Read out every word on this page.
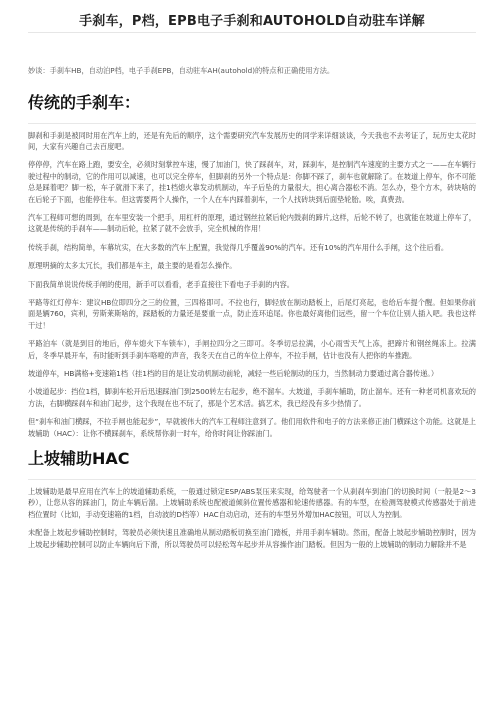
手刹车，P档，EPB电子手刹和AUTOHOLD自动驻车详解

妙谈：手刹车HB，自动泊P档，电子手刹EPB，自动驻车AH(autohold)的特点和正确使用方法。

传统的手刹车：

脚刹和手刹是被同时用在汽车上的，还是有先后的顺序，这个需要研究汽车发展历史的同学来详细谈谈，今天我也不去考证了，玩历史太花时间，大家有兴趣自己去百度吧。

停停停，汽车在路上跑，要安全，必须时刻掌控车速，慢了加油门，快了踩刹车，对，踩刹车，是控制汽车速度的主要方式之一——在车辆行驶过程中的制动，它的作用可以减速，也可以完全停车，但脚刹的另外一个特点是：你脚不踩了，刹车也就解除了。在坡道上停车，你不可能总是踩着吧？脚一松，车子就滑下来了，挂1档熄火靠发动机制动，车子后坠的力量很大，担心离合器松不消。怎么办，垫个方木，砖块啥的在后轮子下面，也能停住车。但这需要两个人操作，一个人在车内踩着刹车，一个人找砖块到后面垫轮胎。唉，真费劲。

汽车工程师可想的周到，在车里安装一个把手，用杠杆的原理，通过钢丝拉紧后轮内鼓刹的蹄片,这样，后轮不转了，也就能在坡道上停车了，这就是传统的手刹车——制动后轮，拉紧了就不会放手，完全机械的作用！

传统手刹，结构简单，车幕坑实，在大多数的汽车上配置，我觉得几乎覆盖90%的汽车。还有10%的汽车用什么手闸，这个往后看。

原理明摘的太多太冗长，我们都是车主，最主要的是看怎么操作。

下面我简单说说传统手闸的使用，新手可以看看，老手直接往下看电子手刹的内容。

平路等红灯停车：建议HB位即四分之三的位置，三四格即可。不拉也行，脚轻放在制动踏板上，后尾灯亮起，也给后车提个醒。但如果你前面是辆760，宾利，劳斯莱斯啥的，踩踏板的力量还是要重一点，防止连环追尾。你也最好离他们远些，留一个车位让别人插入吧。我也这样干过！

平路泊车（就是到目的地后，停车熄火下车锁车），手闸拉四分之三即可。冬季切忌拉满，小心雨雪天气上冻，把蹄片和钢丝绳冻上。拉满后，冬季早晨开车，有时能听到手刹车咯噔的声音，我冬天在自己的车位上停车，不拉手闸，估计也没有人把你的车推跑。

坡道停车，HB满格+变速箱1档（挂1档的目的是让发动机制动前轮，减轻一些后轮制动的压力，当然制动力要通过离合器传递。）

小坡道起步：挡位1档，脚刹车松开后迅速踩油门到2500转左右起步，绝不溜车。大坡道，手刹车辅助，防止溜车。还有一种老司机喜欢玩的方法，右脚横踩刹车和油门起步，这个我现在也不玩了，那是个艺术活。搞艺术，我已经没有多少热情了。

但“刹车和油门横踩，不拉手闸也能起步”，早就被伟大的汽车工程师注意到了。他们用软件和电子的方法来修正油门横踩这个功能。这就是上坡辅助（HAC）：让你不横踩刹车，系统帮你刹一时车，给你时间让你踩油门。

上坡辅助HAC

上坡辅助是最早应用在汽车上的坡道辅助系统，一般通过锁定ESP/ABS泵压来实现，给驾驶者一个从刹刹车到油门的切换时间（一般是2～3秒），让您从容的踩油门，防止车辆后溜。上坡辅助系统也配被道倾斜位置传感器和轮速传感器。有的车型，在检测驾驶模式传感器处于前进档位置时（比如，手动变速箱的1档，自动波的D档等）HAC自动启动，还有的车型另外增加HAC按钮，可以人为控制。

未配备上坡起步辅助控制时，驾驶员必须快速且准确地从制动踏板切换至油门踏板，并用手刹车辅助。然而，配备上坡起步辅助控制时，因为上坡起步辅助控制可以防止车辆向后下滑，所以驾驶员可以轻松驾车起步并从容操作油门踏板。但因为一般的上坡辅助的制动力解除并不是
